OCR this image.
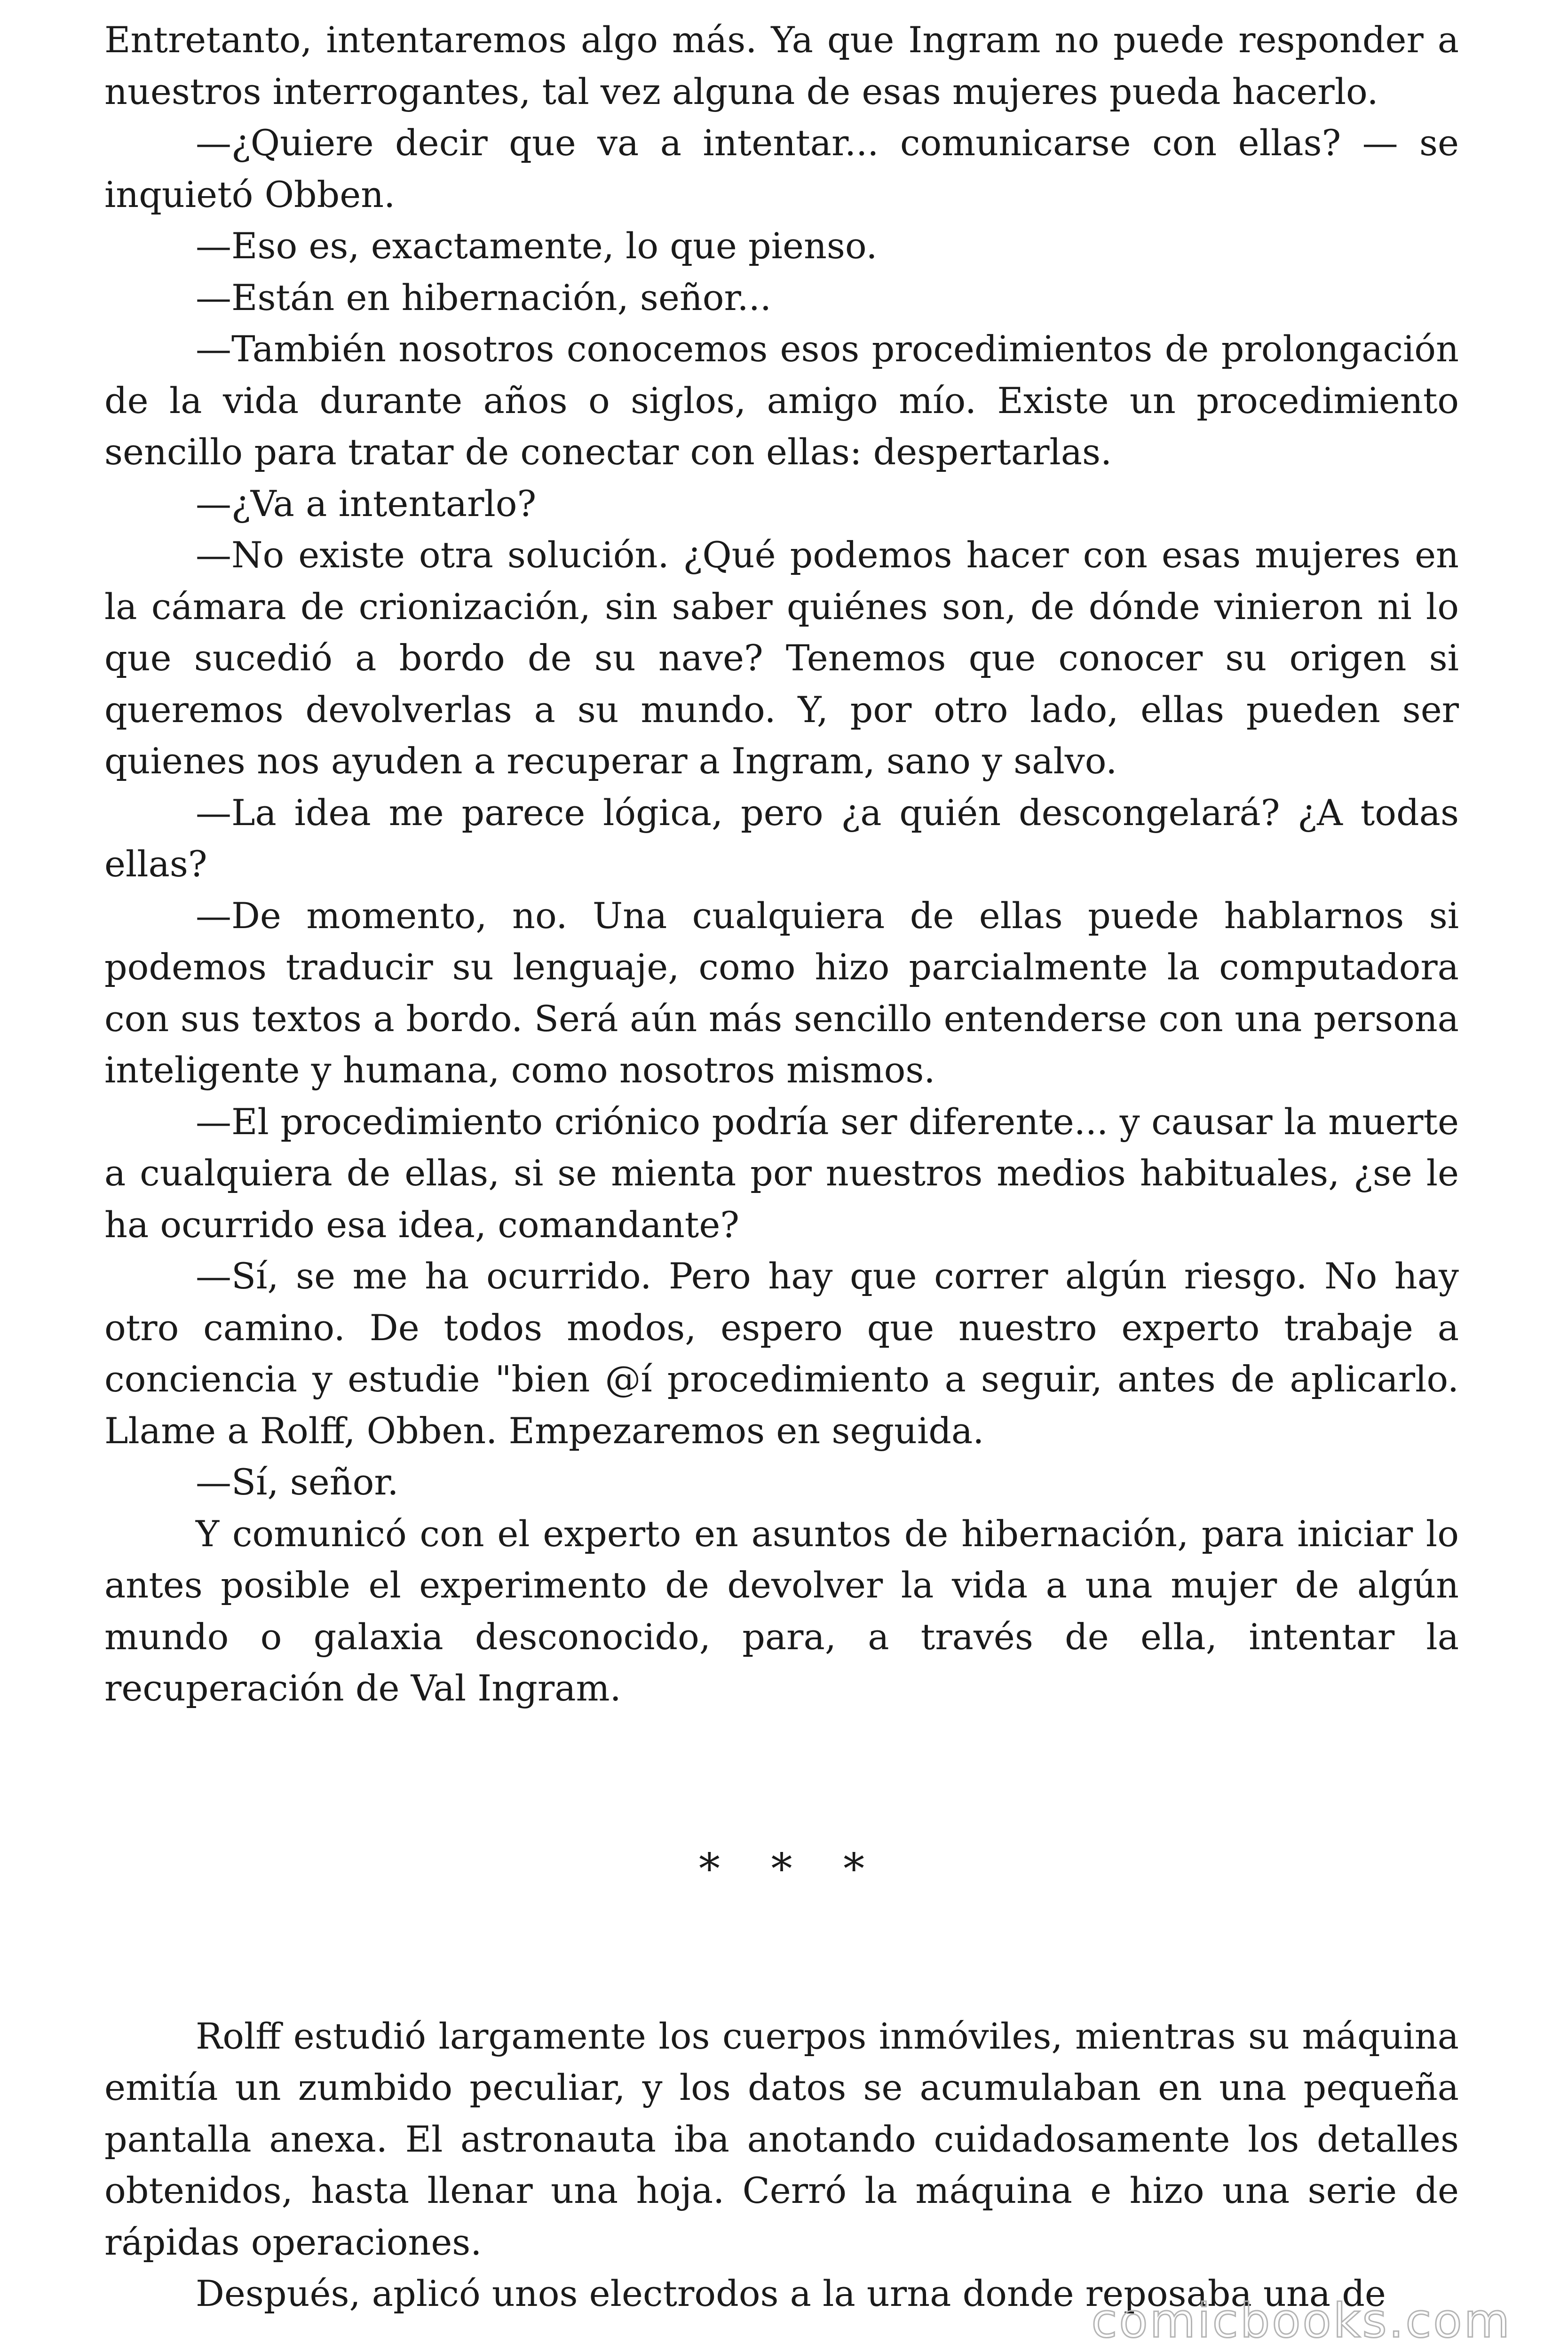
Entretanto, intentaremos algo más. Ya que Ingram no puede responder a nuestros interrogantes, tal vez alguna de esas mujeres pueda hacerlo.

—¿Quiere decir que va a intentar... comunicarse con ellas? — se inquietó Obben.

—Eso es, exactamente, lo que pienso.

—Están en hibernación, señor...

—También nosotros conocemos esos procedimientos de prolongación de la vida durante años o siglos, amigo mío. Existe un procedimiento sencillo para tratar de conectar con ellas: despertarlas.

—¿Va a intentarlo?

—No existe otra solución. ¿Qué podemos hacer con esas mujeres en la cámara de crionización, sin saber quiénes son, de dónde vinieron ni lo que sucedió a bordo de su nave? Tenemos que conocer su origen si queremos devolverlas a su mundo. Y, por otro lado, ellas pueden ser quienes nos ayuden a recuperar a Ingram, sano y salvo.

—La idea me parece lógica, pero ¿a quién descongelará? ¿A todas ellas?

—De momento, no. Una cualquiera de ellas puede hablarnos si podemos traducir su lenguaje, como hizo parcialmente la computadora con sus textos a bordo. Será aún más sencillo entenderse con una persona inteligente y humana, como nosotros mismos.

—El procedimiento criónico podría ser diferente... y causar la muerte a cualquiera de ellas, si se mienta por nuestros medios habituales, ¿se le ha ocurrido esa idea, comandante?

—Sí, se me ha ocurrido. Pero hay que correr algún riesgo. No hay otro camino. De todos modos, espero que nuestro experto trabaje a conciencia y estudie "bien @í procedimiento a seguir, antes de aplicarlo. Llame a Rolff, Obben. Empezaremos en seguida.

—Sí, señor.

Y comunicó con el experto en asuntos de hibernación, para iniciar lo antes posible el experimento de devolver la vida a una mujer de algún mundo o galaxia desconocido, para, a través de ella, intentar la recuperación de Val Ingram.

* * *

Rolff estudió largamente los cuerpos inmóviles, mientras su máquina emitía un zumbido peculiar, y los datos se acumulaban en una pequeña pantalla anexa. El astronauta iba anotando cuidadosamente los detalles obtenidos, hasta llenar una hoja. Cerró la máquina e hizo una serie de rápidas operaciones.

Después, aplicó unos electrodos a la urna donde reposaba una de

comicbooks.com
